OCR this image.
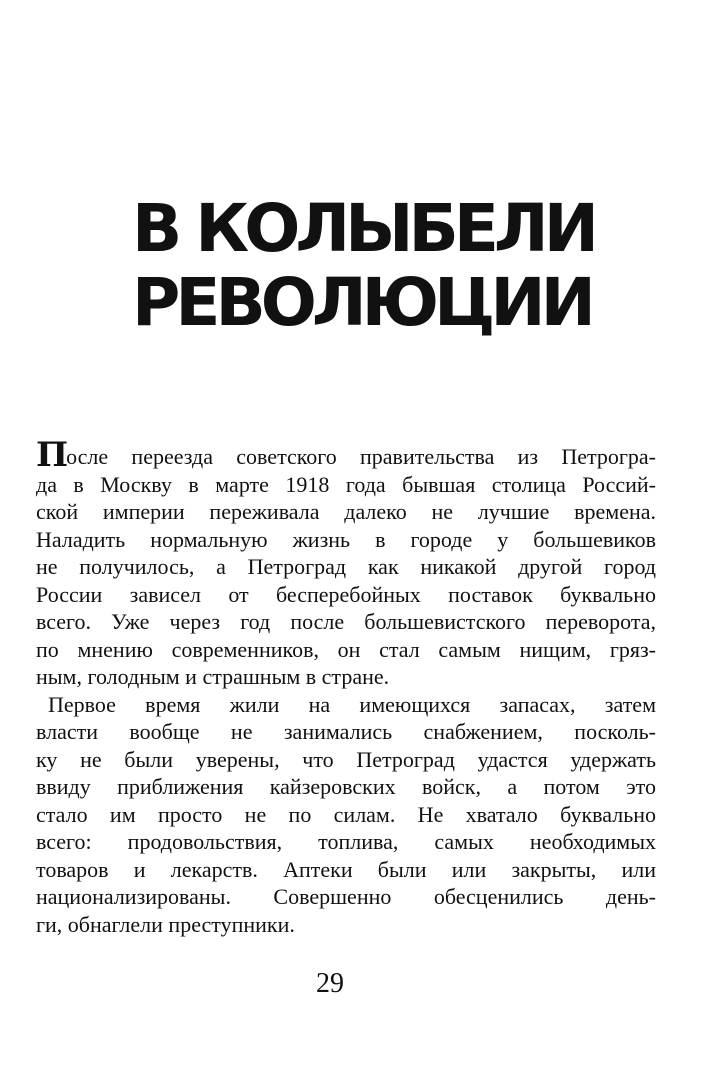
В КОЛЫБЕЛИ
РЕВОЛЮЦИИ
После переезда советского правительства из Петрогра-
да в Москву в марте 1918 года бывшая столица Россий-
ской империи переживала далеко не лучшие времена.
Наладить нормальную жизнь в городе у большевиков
не получилось, а Петроград как никакой другой город
России зависел от бесперебойных поставок буквально
всего. Уже через год после большевистского переворота,
по мнению современников, он стал самым нищим, гряз-
ным, голодным и страшным в стране.
Первое время жили на имеющихся запасах, затем
власти вообще не занимались снабжением, посколь-
ку не были уверены, что Петроград удастся удержать
ввиду приближения кайзеровских войск, а потом это
стало им просто не по силам. Не хватало буквально
всего: продовольствия, топлива, самых необходимых
товаров и лекарств. Аптеки были или закрыты, или
национализированы. Совершенно обесценились день-
ги, обнаглели преступники.
29
